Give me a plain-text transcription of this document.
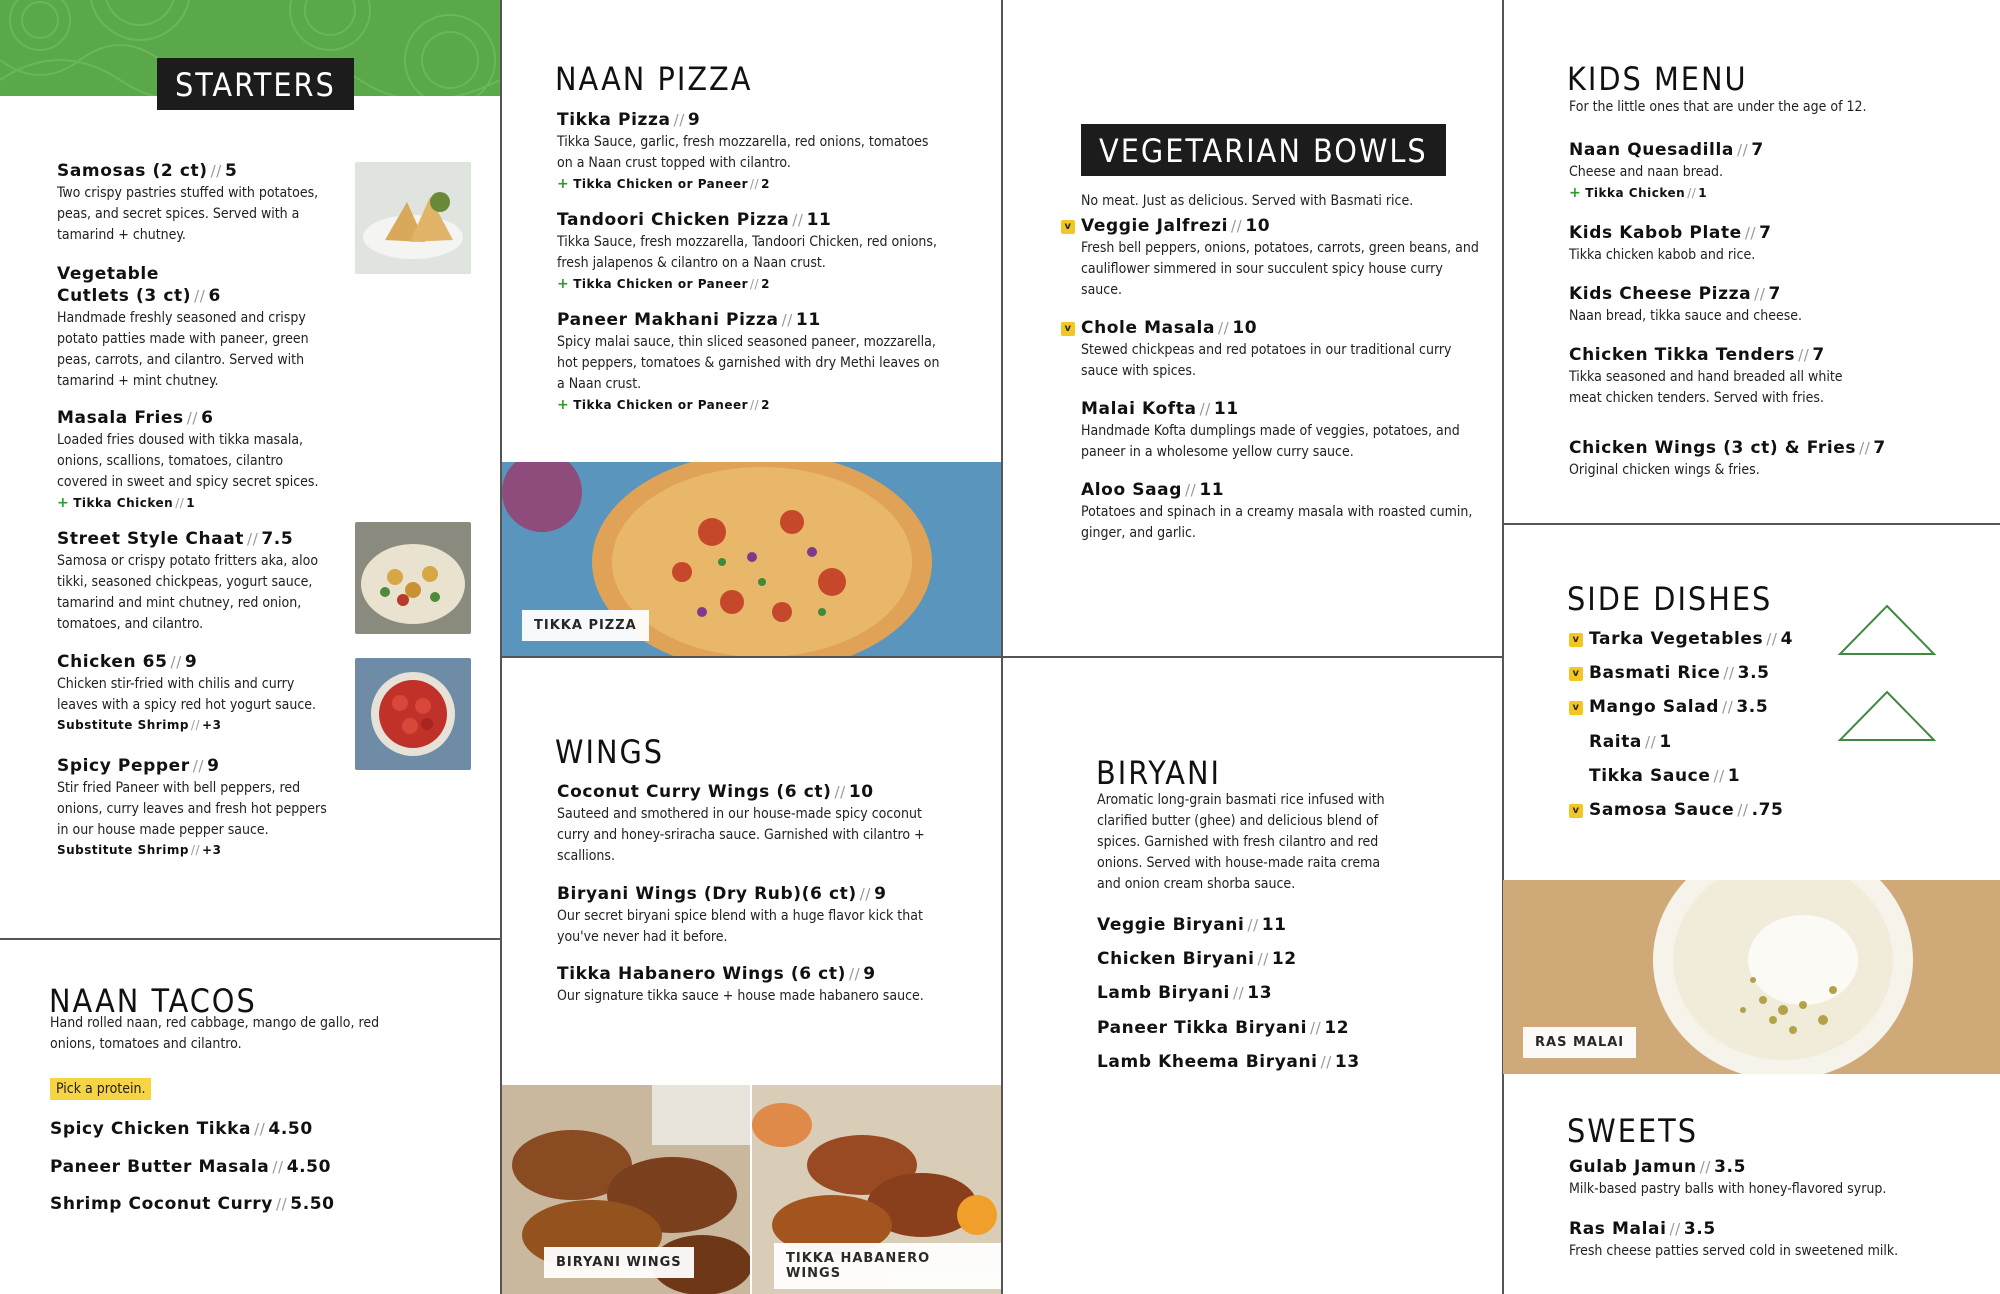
STARTERS
Samosas (2 ct) // 5
Two crispy pastries stuffed with potatoes, peas, and secret spices. Served with a tamarind + chutney.
Vegetable
Cutlets (3 ct) // 6
Handmade freshly seasoned and crispy potato patties made with paneer, green peas, carrots, and cilantro. Served with tamarind + mint chutney.
Masala Fries // 6
Loaded fries doused with tikka masala, onions, scallions, tomatoes, cilantro covered in sweet and spicy secret spices.
+ Tikka Chicken // 1
Street Style Chaat // 7.5
Samosa or crispy potato fritters aka, aloo tikki, seasoned chickpeas, yogurt sauce, tamarind and mint chutney, red onion, tomatoes, and cilantro.
Chicken 65 // 9
Chicken stir-fried with chilis and curry leaves with a spicy red hot yogurt sauce.
Substitute Shrimp // +3
Spicy Pepper // 9
Stir fried Paneer with bell peppers, red onions, curry leaves and fresh hot peppers in our house made pepper sauce.
Substitute Shrimp // +3
NAAN TACOS
Hand rolled naan, red cabbage, mango de gallo, red onions, tomatoes and cilantro.
Pick a protein.
Spicy Chicken Tikka // 4.50
Paneer Butter Masala // 4.50
Shrimp Coconut Curry // 5.50
NAAN PIZZA
Tikka Pizza // 9
Tikka Sauce, garlic, fresh mozzarella, red onions, tomatoes on a Naan crust topped with cilantro.
+ Tikka Chicken or Paneer // 2
Tandoori Chicken Pizza // 11
Tikka Sauce, fresh mozzarella, Tandoori Chicken, red onions, fresh jalapenos & cilantro on a Naan crust.
+ Tikka Chicken or Paneer // 2
Paneer Makhani Pizza // 11
Spicy malai sauce, thin sliced seasoned paneer, mozzarella, hot peppers, tomatoes & garnished with dry Methi leaves on a Naan crust.
+ Tikka Chicken or Paneer // 2
TIKKA PIZZA
WINGS
Coconut Curry Wings (6 ct) // 10
Sauteed and smothered in our house-made spicy coconut curry and honey-sriracha sauce. Garnished with cilantro + scallions.
Biryani Wings (Dry Rub)(6 ct) // 9
Our secret biryani spice blend with a huge flavor kick that you've never had it before.
Tikka Habanero Wings (6 ct) // 9
Our signature tikka sauce + house made habanero sauce.
BIRYANI WINGS	TIKKA HABANERO WINGS
VEGETARIAN BOWLS
No meat. Just as delicious. Served with Basmati rice.
v Veggie Jalfrezi // 10
Fresh bell peppers, onions, potatoes, carrots, green beans, and cauliflower simmered in sour succulent spicy house curry sauce.
v Chole Masala // 10
Stewed chickpeas and red potatoes in our traditional curry sauce with spices.
Malai Kofta // 11
Handmade Kofta dumplings made of veggies, potatoes, and paneer in a wholesome yellow curry sauce.
Aloo Saag // 11
Potatoes and spinach in a creamy masala with roasted cumin, ginger, and garlic.
BIRYANI
Aromatic long-grain basmati rice infused with clarified butter (ghee) and delicious blend of spices. Garnished with fresh cilantro and red onions. Served with house-made raita crema and onion cream shorba sauce.
Veggie Biryani // 11
Chicken Biryani // 12
Lamb Biryani // 13
Paneer Tikka Biryani // 12
Lamb Kheema Biryani // 13
KIDS MENU
For the little ones that are under the age of 12.
Naan Quesadilla // 7
Cheese and naan bread.
+ Tikka Chicken // 1
Kids Kabob Plate // 7
Tikka chicken kabob and rice.
Kids Cheese Pizza // 7
Naan bread, tikka sauce and cheese.
Chicken Tikka Tenders // 7
Tikka seasoned and hand breaded all white meat chicken tenders. Served with fries.
Chicken Wings (3 ct) & Fries // 7
Original chicken wings & fries.
SIDE DISHES
v Tarka Vegetables // 4
v Basmati Rice // 3.5
v Mango Salad // 3.5
Raita // 1
Tikka Sauce // 1
v Samosa Sauce // .75
RAS MALAI
SWEETS
Gulab Jamun // 3.5
Milk-based pastry balls with honey-flavored syrup.
Ras Malai // 3.5
Fresh cheese patties served cold in sweetened milk.
